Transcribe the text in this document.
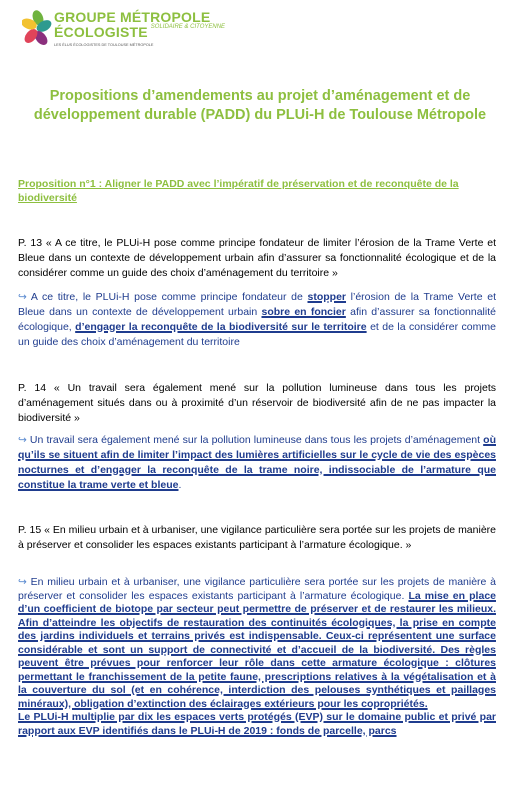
GROUPE MÉTROPOLE
ÉCOLOGISTE SOLIDAIRE & CITOYENNE
LES ÉLUS ÉCOLOGISTES DE TOULOUSE MÉTROPOLE
Propositions d’amendements au projet d’aménagement et de développement durable (PADD) du PLUi-H de Toulouse Métropole
Proposition n°1 : Aligner le PADD avec l’impératif de préservation et de reconquête de la biodiversité
P. 13 « A ce titre, le PLUi-H pose comme principe fondateur de limiter l’érosion de la Trame Verte et Bleue dans un contexte de développement urbain afin d’assurer sa fonctionnalité écologique et de la considérer comme un guide des choix d’aménagement du territoire »
↪ A ce titre, le PLUi-H pose comme principe fondateur de stopper l’érosion de la Trame Verte et Bleue dans un contexte de développement urbain sobre en foncier afin d’assurer sa fonctionnalité écologique, d’engager la reconquête de la biodiversité sur le territoire et de la considérer comme un guide des choix d’aménagement du territoire
P. 14 « Un travail sera également mené sur la pollution lumineuse dans tous les projets d’aménagement situés dans ou à proximité d’un réservoir de biodiversité afin de ne pas impacter la biodiversité »
↪ Un travail sera également mené sur la pollution lumineuse dans tous les projets d’aménagement où qu’ils se situent afin de limiter l’impact des lumières artificielles sur le cycle de vie des espèces nocturnes et d’engager la reconquête de la trame noire, indissociable de l’armature que constitue la trame verte et bleue.
P. 15 « En milieu urbain et à urbaniser, une vigilance particulière sera portée sur les projets de manière à préserver et consolider les espaces existants participant à l’armature écologique. »
↪ En milieu urbain et à urbaniser, une vigilance particulière sera portée sur les projets de manière à préserver et consolider les espaces existants participant à l’armature écologique. La mise en place d’un coefficient de biotope par secteur peut permettre de préserver et de restaurer les milieux. Afin d’atteindre les objectifs de restauration des continuités écologiques, la prise en compte des jardins individuels et terrains privés est indispensable. Ceux-ci représentent une surface considérable et sont un support de connectivité et d’accueil de la biodiversité. Des règles peuvent être prévues pour renforcer leur rôle dans cette armature écologique : clôtures permettant le franchissement de la petite faune, prescriptions relatives à la végétalisation et à la couverture du sol (et en cohérence, interdiction des pelouses synthétiques et paillages minéraux), obligation d’extinction des éclairages extérieurs pour les copropriétés.
Le PLUi-H multiplie par dix les espaces verts protégés (EVP) sur le domaine public et privé par rapport aux EVP identifiés dans le PLUi-H de 2019 : fonds de parcelle, parcs
